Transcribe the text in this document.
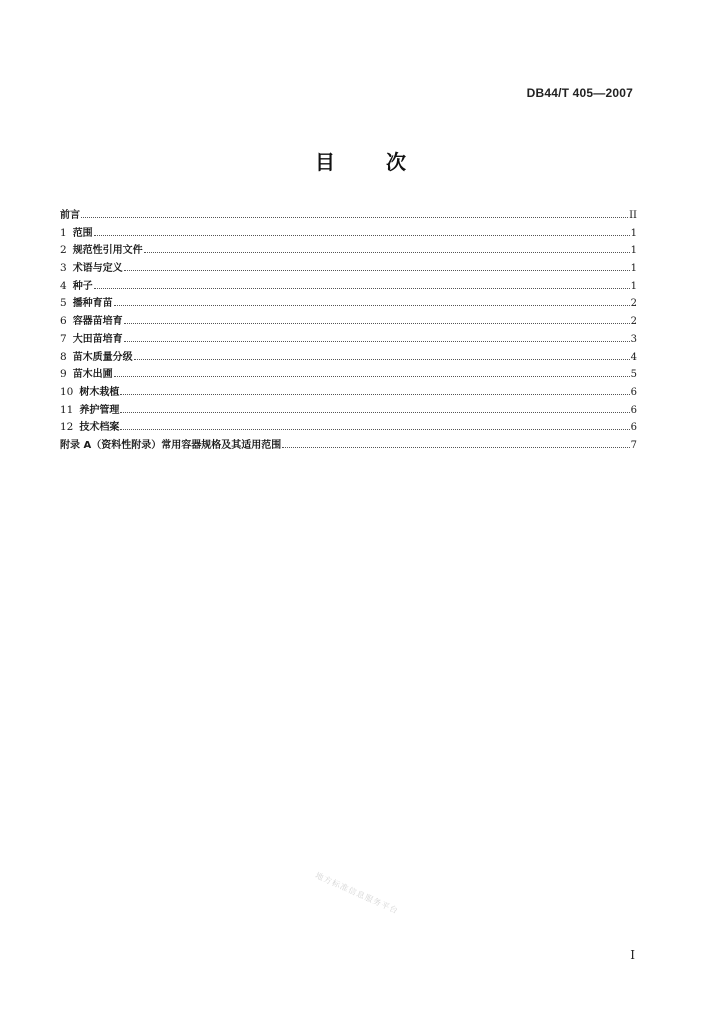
DB44/T 405—2007
目 次
前言	II
1 范围	1
2 规范性引用文件	1
3 术语与定义	1
4 种子	1
5 播种育苗	2
6 容器苗培育	2
7 大田苗培育	3
8 苗木质量分级	4
9 苗木出圃	5
10 树木栽植	6
11 养护管理	6
12 技术档案	6
附录 A（资料性附录）常用容器规格及其适用范围	7
地方标准信息服务平台
I
